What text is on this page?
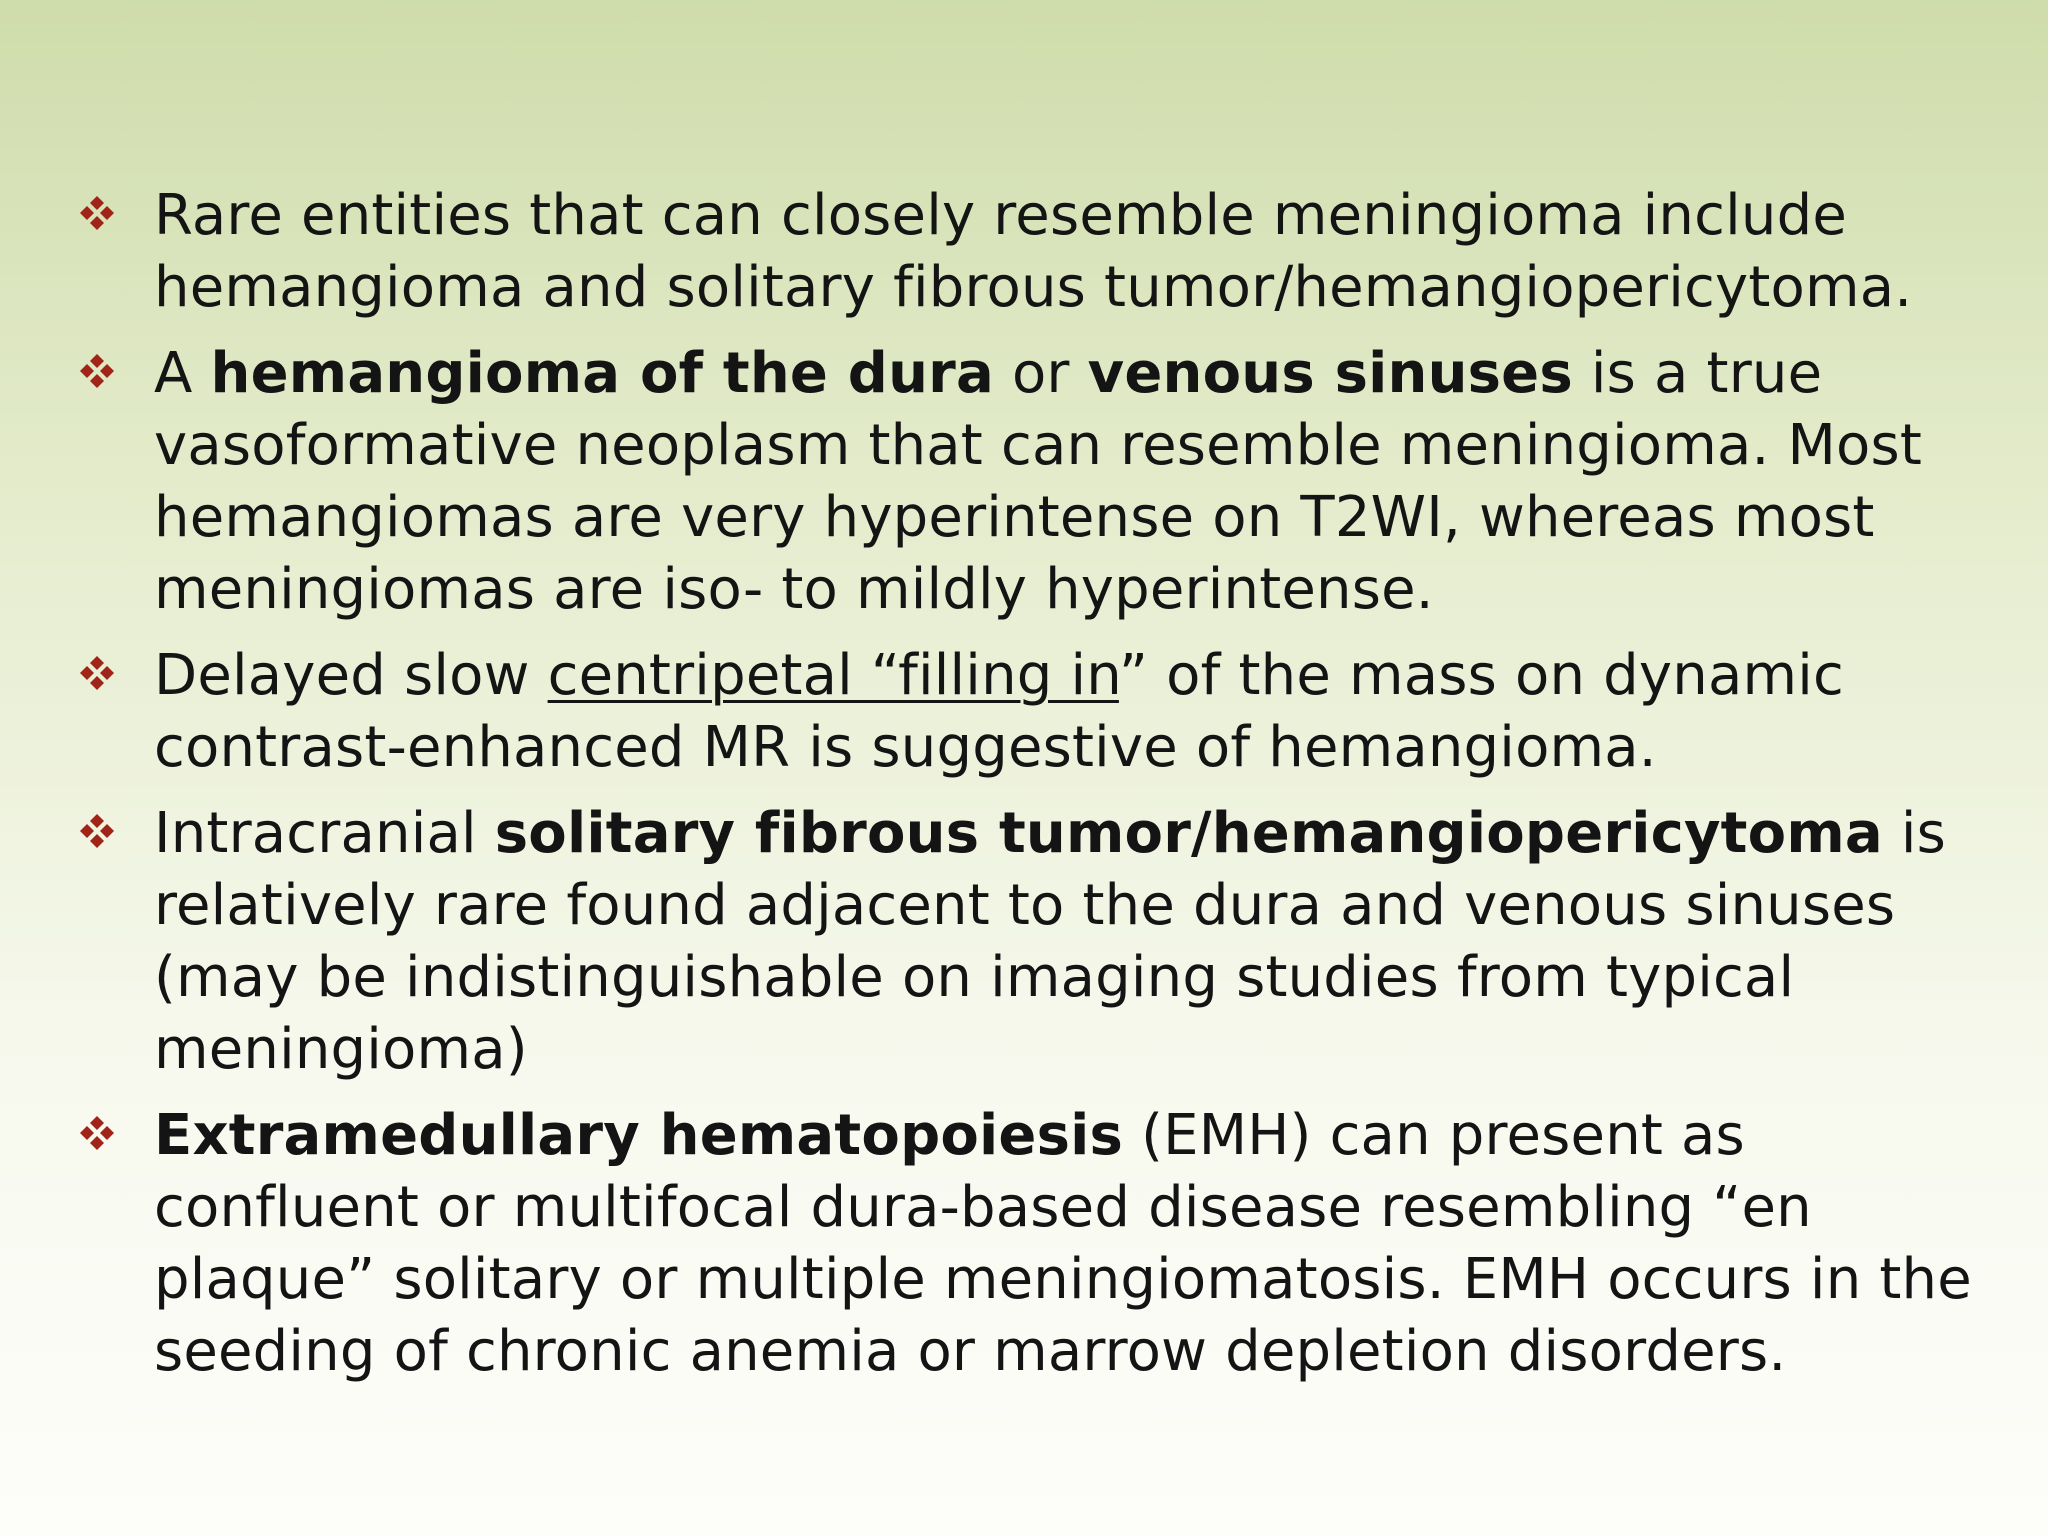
Rare entities that can closely resemble meningioma include hemangioma and solitary fibrous tumor/hemangiopericytoma.
A hemangioma of the dura or venous sinuses is a true vasoformative neoplasm that can resemble meningioma. Most hemangiomas are very hyperintense on T2WI, whereas most meningiomas are iso- to mildly hyperintense.
Delayed slow centripetal “filling in” of the mass on dynamic contrast-enhanced MR is suggestive of hemangioma.
Intracranial solitary fibrous tumor/hemangiopericytoma is relatively rare found adjacent to the dura and venous sinuses (may be indistinguishable on imaging studies from typical meningioma)
Extramedullary hematopoiesis (EMH) can present as confluent or multifocal dura-based disease resembling “en plaque” solitary or multiple meningiomatosis. EMH occurs in the seeding of chronic anemia or marrow depletion disorders.
